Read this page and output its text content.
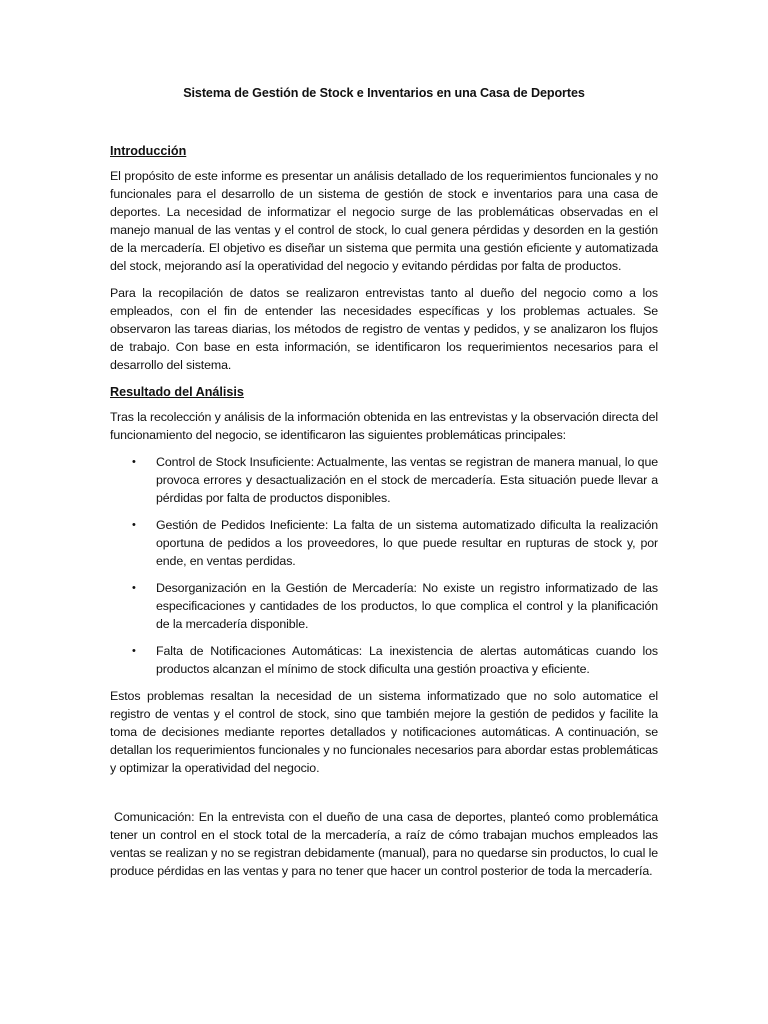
Sistema de Gestión de Stock e Inventarios en una Casa de Deportes
Introducción

El propósito de este informe es presentar un análisis detallado de los requerimientos funcionales y no funcionales para el desarrollo de un sistema de gestión de stock e inventarios para una casa de deportes. La necesidad de informatizar el negocio surge de las problemáticas observadas en el manejo manual de las ventas y el control de stock, lo cual genera pérdidas y desorden en la gestión de la mercadería. El objetivo es diseñar un sistema que permita una gestión eficiente y automatizada del stock, mejorando así la operatividad del negocio y evitando pérdidas por falta de productos.

Para la recopilación de datos se realizaron entrevistas tanto al dueño del negocio como a los empleados, con el fin de entender las necesidades específicas y los problemas actuales. Se observaron las tareas diarias, los métodos de registro de ventas y pedidos, y se analizaron los flujos de trabajo. Con base en esta información, se identificaron los requerimientos necesarios para el desarrollo del sistema.

Resultado del Análisis

Tras la recolección y análisis de la información obtenida en las entrevistas y la observación directa del funcionamiento del negocio, se identificaron las siguientes problemáticas principales:

• Control de Stock Insuficiente: Actualmente, las ventas se registran de manera manual, lo que provoca errores y desactualización en el stock de mercadería. Esta situación puede llevar a pérdidas por falta de productos disponibles.
• Gestión de Pedidos Ineficiente: La falta de un sistema automatizado dificulta la realización oportuna de pedidos a los proveedores, lo que puede resultar en rupturas de stock y, por ende, en ventas perdidas.
• Desorganización en la Gestión de Mercadería: No existe un registro informatizado de las especificaciones y cantidades de los productos, lo que complica el control y la planificación de la mercadería disponible.
• Falta de Notificaciones Automáticas: La inexistencia de alertas automáticas cuando los productos alcanzan el mínimo de stock dificulta una gestión proactiva y eficiente.

Estos problemas resaltan la necesidad de un sistema informatizado que no solo automatice el registro de ventas y el control de stock, sino que también mejore la gestión de pedidos y facilite la toma de decisiones mediante reportes detallados y notificaciones automáticas. A continuación, se detallan los requerimientos funcionales y no funcionales necesarios para abordar estas problemáticas y optimizar la operatividad del negocio.

Comunicación: En la entrevista con el dueño de una casa de deportes, planteó como problemática tener un control en el stock total de la mercadería, a raíz de cómo trabajan muchos empleados las ventas se realizan y no se registran debidamente (manual), para no quedarse sin productos, lo cual le produce pérdidas en las ventas y para no tener que hacer un control posterior de toda la mercadería.
